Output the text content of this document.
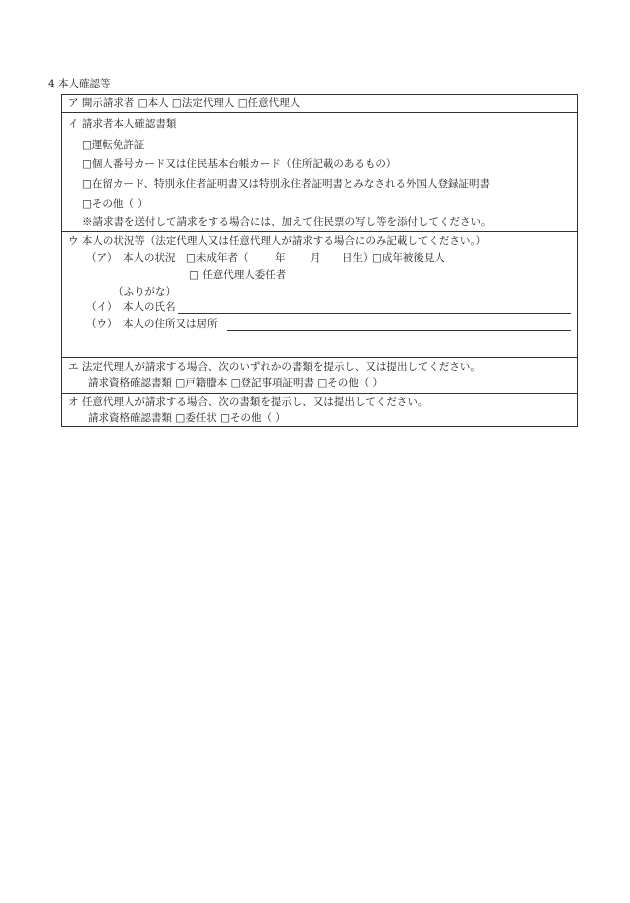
4 本人確認等
ア 開示請求者 □本人 □法定代理人 □任意代理人
イ 請求者本人確認書類
□運転免許証
□個人番号カード又は住民基本台帳カード（住所記載のあるもの）
□在留カード、特別永住者証明書又は特別永住者証明書とみなされる外国人登録証明書
□その他（ ）
※請求書を送付して請求をする場合には、加えて住民票の写し等を添付してください。
ウ 本人の状況等（法定代理人又は任意代理人が請求する場合にのみ記載してください。）
（ア） 本人の状況 □未成年者（	年 月 日生）
□成年被後見人
□ 任意代理人委任者
（ふりがな）
（イ） 本人の氏名
（ウ） 本人の住所又は居所
エ 法定代理人が請求する場合、次のいずれかの書類を提示し、又は提出してください。
請求資格確認書類 □戸籍謄本 □登記事項証明書 □その他（ ）
オ 任意代理人が請求する場合、次の書類を提示し、又は提出してください。
請求資格確認書類 □委任状 □その他（ ）
